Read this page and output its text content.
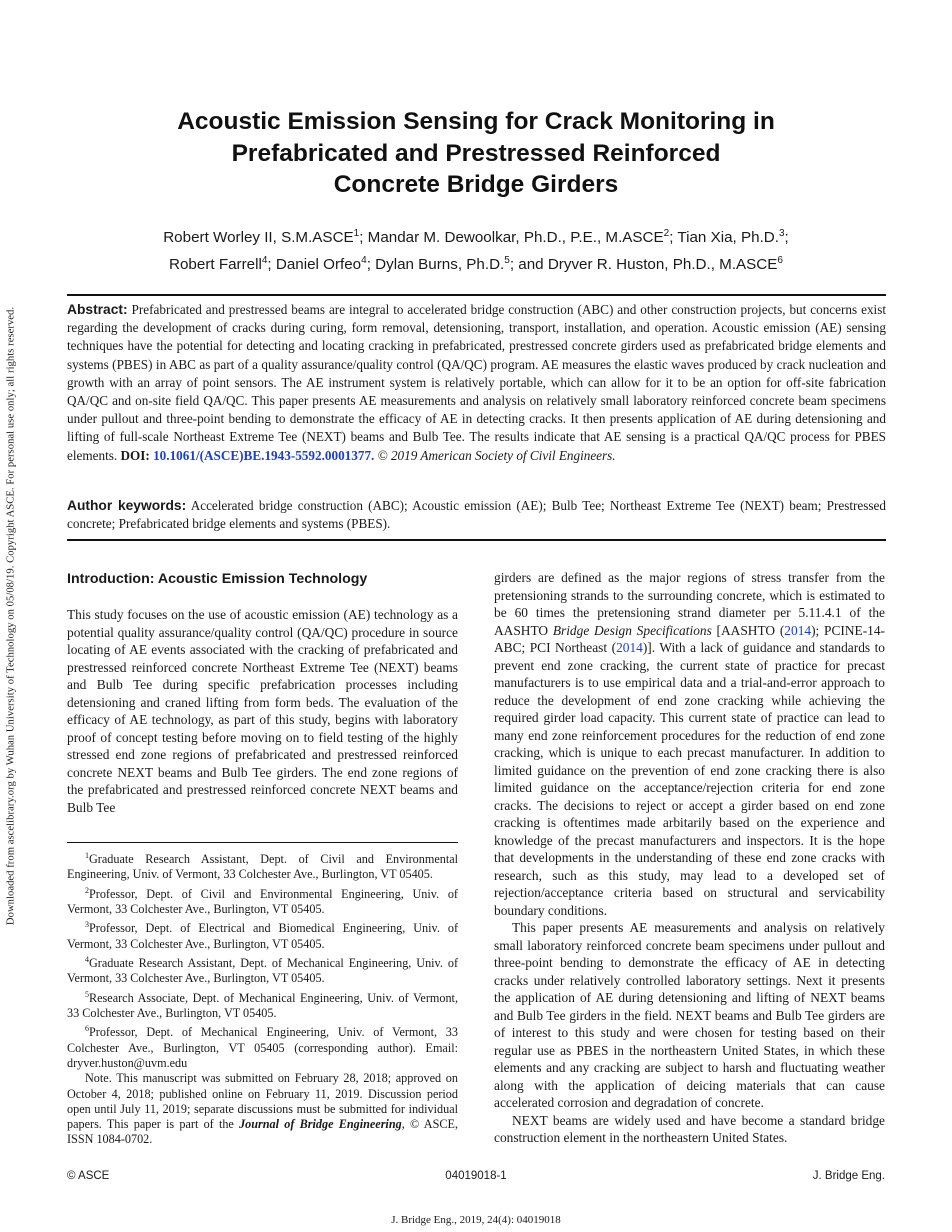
Downloaded from ascelibrary.org by Wuhan University of Technology on 05/08/19. Copyright ASCE. For personal use only; all rights reserved.
Acoustic Emission Sensing for Crack Monitoring in
Prefabricated and Prestressed Reinforced
Concrete Bridge Girders
Robert Worley II, S.M.ASCE$^1$; Mandar M. Dewoolkar, Ph.D., P.E., M.ASCE$^2$; Tian Xia, Ph.D.$^3$;
Robert Farrell$^4$; Daniel Orfeo$^4$; Dylan Burns, Ph.D.$^5$; and Dryver R. Huston, Ph.D., M.ASCE$^6$
Abstract: Prefabricated and prestressed beams are integral to accelerated bridge construction (ABC) and other construction projects, but concerns exist regarding the development of cracks during curing, form removal, detensioning, transport, installation, and operation. Acoustic emission (AE) sensing techniques have the potential for detecting and locating cracking in prefabricated, prestressed concrete girders used as prefabricated bridge elements and systems (PBES) in ABC as part of a quality assurance/quality control (QA/QC) program. AE measures the elastic waves produced by crack nucleation and growth with an array of point sensors. The AE instrument system is relatively portable, which can allow for it to be an option for off-site fabrication QA/QC and on-site field QA/QC. This paper presents AE measurements and analysis on relatively small laboratory reinforced concrete beam specimens under pullout and three-point bending to demonstrate the efficacy of AE in detecting cracks. It then presents application of AE during detensioning and lifting of full-scale Northeast Extreme Tee (NEXT) beams and Bulb Tee. The results indicate that AE sensing is a practical QA/QC process for PBES elements. DOI: 10.1061/(ASCE)BE.1943-5592.0001377. © 2019 American Society of Civil Engineers.
Author keywords: Accelerated bridge construction (ABC); Acoustic emission (AE); Bulb Tee; Northeast Extreme Tee (NEXT) beam; Prestressed concrete; Prefabricated bridge elements and systems (PBES).
Introduction: Acoustic Emission Technology

This study focuses on the use of acoustic emission (AE) technology as a potential quality assurance/quality control (QA/QC) procedure in source locating of AE events associated with the cracking of prefabricated and prestressed reinforced concrete Northeast Extreme Tee (NEXT) beams and Bulb Tee during specific prefabrication processes including detensioning and craned lifting from form beds. The evaluation of the efficacy of AE technology, as part of this study, begins with laboratory proof of concept testing before moving on to field testing of the highly stressed end zone regions of prefabricated and prestressed reinforced concrete NEXT beams and Bulb Tee girders. The end zone regions of the prefabricated and prestressed reinforced concrete NEXT beams and Bulb Tee

$^1$Graduate Research Assistant, Dept. of Civil and Environmental Engineering, Univ. of Vermont, 33 Colchester Ave., Burlington, VT 05405.

$^2$Professor, Dept. of Civil and Environmental Engineering, Univ. of Vermont, 33 Colchester Ave., Burlington, VT 05405.

$^3$Professor, Dept. of Electrical and Biomedical Engineering, Univ. of Vermont, 33 Colchester Ave., Burlington, VT 05405.

$^4$Graduate Research Assistant, Dept. of Mechanical Engineering, Univ. of Vermont, 33 Colchester Ave., Burlington, VT 05405.

$^5$Research Associate, Dept. of Mechanical Engineering, Univ. of Vermont, 33 Colchester Ave., Burlington, VT 05405.

$^6$Professor, Dept. of Mechanical Engineering, Univ. of Vermont, 33 Colchester Ave., Burlington, VT 05405 (corresponding author). Email: dryver.huston@uvm.edu

Note. This manuscript was submitted on February 28, 2018; approved on October 4, 2018; published online on February 11, 2019. Discussion period open until July 11, 2019; separate discussions must be submitted for individual papers. This paper is part of the Journal of Bridge Engineering, © ASCE, ISSN 1084-0702.

girders are defined as the major regions of stress transfer from the pretensioning strands to the surrounding concrete, which is estimated to be 60 times the pretensioning strand diameter per 5.11.4.1 of the AASHTO Bridge Design Specifications [AASHTO (2014); PCINE-14-ABC; PCI Northeast (2014)]. With a lack of guidance and standards to prevent end zone cracking, the current state of practice for precast manufacturers is to use empirical data and a trial-and-error approach to reduce the development of end zone cracking while achieving the required girder load capacity. This current state of practice can lead to many end zone reinforcement procedures for the reduction of end zone cracking, which is unique to each precast manufacturer. In addition to limited guidance on the prevention of end zone cracking there is also limited guidance on the acceptance/rejection criteria for end zone cracks. The decisions to reject or accept a girder based on end zone cracking is oftentimes made arbitarily based on the experience and knowledge of the precast manufacturers and inspectors. It is the hope that developments in the understanding of these end zone cracks with research, such as this study, may lead to a developed set of rejection/acceptance criteria based on structural and servicability boundary conditions.

This paper presents AE measurements and analysis on relatively small laboratory reinforced concrete beam specimens under pullout and three-point bending to demonstrate the efficacy of AE in detecting cracks under relatively controlled laboratory settings. Next it presents the application of AE during detensioning and lifting of NEXT beams and Bulb Tee girders in the field. NEXT beams and Bulb Tee girders are of interest to this study and were chosen for testing based on their regular use as PBES in the northeastern United States, in which these elements and any cracking are subject to harsh and fluctuating weather along with the application of deicing materials that can cause accelerated corrosion and degradation of concrete.

NEXT beams are widely used and have become a standard bridge construction element in the northeastern United States.

© ASCE	04019018-1	J. Bridge Eng.
J. Bridge Eng., 2019, 24(4): 04019018
